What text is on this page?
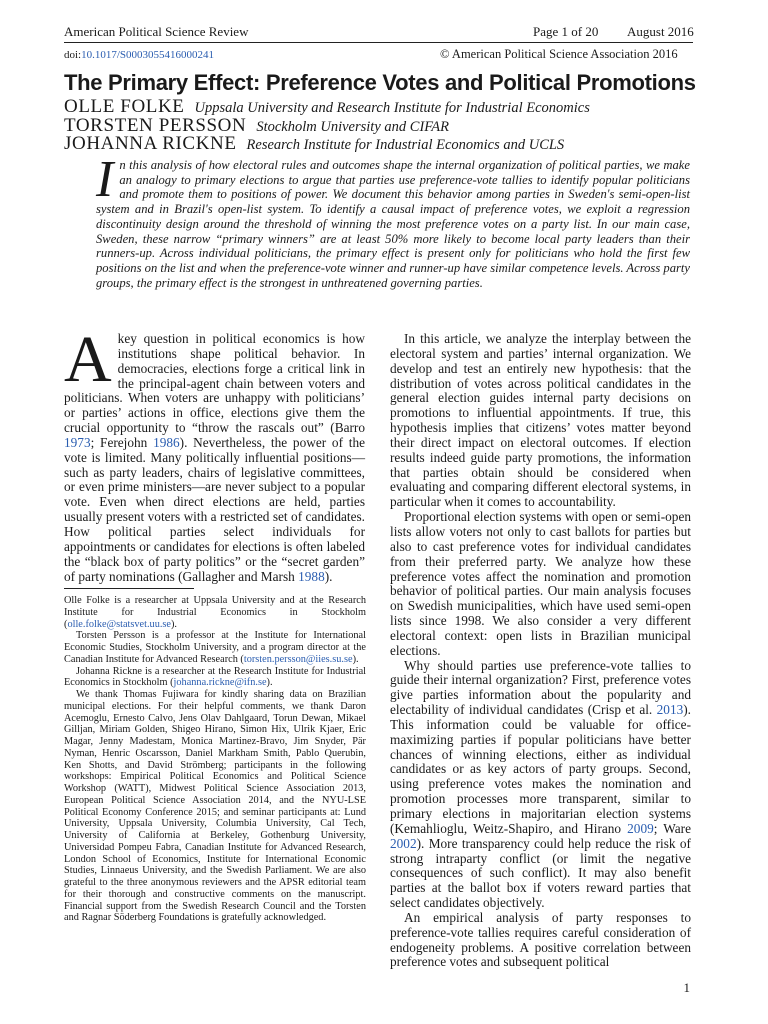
American Political Science Review	Page 1 of 20 August 2016
doi:10.1017/S0003055416000241	© American Political Science Association 2016
The Primary Effect: Preference Votes and Political Promotions
OLLE FOLKE Uppsala University and Research Institute for Industrial Economics
TORSTEN PERSSON Stockholm University and CIFAR
JOHANNA RICKNE Research Institute for Industrial Economics and UCLS
In this analysis of how electoral rules and outcomes shape the internal organization of political parties, we make an analogy to primary elections to argue that parties use preference-vote tallies to identify popular politicians and promote them to positions of power. We document this behavior among parties in Sweden's semi-open-list system and in Brazil's open-list system. To identify a causal impact of preference votes, we exploit a regression discontinuity design around the threshold of winning the most preference votes on a party list. In our main case, Sweden, these narrow “primary winners” are at least 50% more likely to become local party leaders than their runners-up. Across individual politicians, the primary effect is present only for politicians who hold the first few positions on the list and when the preference-vote winner and runner-up have similar competence levels. Across party groups, the primary effect is the strongest in unthreatened governing parties.

A key question in political economics is how institutions shape political behavior. In democracies, elections forge a critical link in the principal-agent chain between voters and politicians. When voters are unhappy with politicians’ or parties’ actions in office, elections give them the crucial opportunity to “throw the rascals out” (Barro 1973; Ferejohn 1986). Nevertheless, the power of the vote is limited. Many politically influential positions—such as party leaders, chairs of legislative committees, or even prime ministers—are never subject to a popular vote. Even when direct elections are held, parties usually present voters with a restricted set of candidates. How political parties select individuals for appointments or candidates for elections is often labeled the “black box of party politics” or the “secret garden” of party nominations (Gallagher and Marsh 1988).

Olle Folke is a researcher at Uppsala University and at the Research Institute for Industrial Economics in Stockholm (olle.folke@statsvet.uu.se).

Torsten Persson is a professor at the Institute for International Economic Studies, Stockholm University, and a program director at the Canadian Institute for Advanced Research (torsten.persson@iies.su.se).

Johanna Rickne is a researcher at the Research Institute for Industrial Economics in Stockholm (johanna.rickne@ifn.se).

We thank Thomas Fujiwara for kindly sharing data on Brazilian municipal elections. For their helpful comments, we thank Daron Acemoglu, Ernesto Calvo, Jens Olav Dahlgaard, Torun Dewan, Mikael Gilljan, Miriam Golden, Shigeo Hirano, Simon Hix, Ulrik Kjaer, Eric Magar, Jenny Madestam, Monica Martinez-Bravo, Jim Snyder, Pär Nyman, Henric Oscarsson, Daniel Markham Smith, Pablo Querubin, Ken Shotts, and David Strömberg; participants in the following workshops: Empirical Political Economics and Political Science Workshop (WATT), Midwest Political Science Association 2013, European Political Science Association 2014, and the NYU-LSE Political Economy Conference 2015; and seminar participants at: Lund University, Uppsala University, Columbia University, Cal Tech, University of California at Berkeley, Gothenburg University, Universidad Pompeu Fabra, Canadian Institute for Advanced Research, London School of Economics, Institute for International Economic Studies, Linnaeus University, and the Swedish Parliament. We are also grateful to the three anonymous reviewers and the APSR editorial team for their thorough and constructive comments on the manuscript. Financial support from the Swedish Research Council and the Torsten and Ragnar Söderberg Foundations is gratefully acknowledged.

In this article, we analyze the interplay between the electoral system and parties’ internal organization. We develop and test an entirely new hypothesis: that the distribution of votes across political candidates in the general election guides internal party decisions on promotions to influential appointments. If true, this hypothesis implies that citizens’ votes matter beyond their direct impact on electoral outcomes. If election results indeed guide party promotions, the information that parties obtain should be considered when evaluating and comparing different electoral systems, in particular when it comes to accountability.

Proportional election systems with open or semi-open lists allow voters not only to cast ballots for parties but also to cast preference votes for individual candidates from their preferred party. We analyze how these preference votes affect the nomination and promotion behavior of political parties. Our main analysis focuses on Swedish municipalities, which have used semi-open lists since 1998. We also consider a very different electoral context: open lists in Brazilian municipal elections.

Why should parties use preference-vote tallies to guide their internal organization? First, preference votes give parties information about the popularity and electability of individual candidates (Crisp et al. 2013). This information could be valuable for office-maximizing parties if popular politicians have better chances of winning elections, either as individual candidates or as key actors of party groups. Second, using preference votes makes the nomination and promotion processes more transparent, similar to primary elections in majoritarian election systems (Kemahlioglu, Weitz-Shapiro, and Hirano 2009; Ware 2002). More transparency could help reduce the risk of strong intraparty conflict (or limit the negative consequences of such conflict). It may also benefit parties at the ballot box if voters reward parties that select candidates objectively.

An empirical analysis of party responses to preference-vote tallies requires careful consideration of endogeneity problems. A positive correlation between preference votes and subsequent political

1
